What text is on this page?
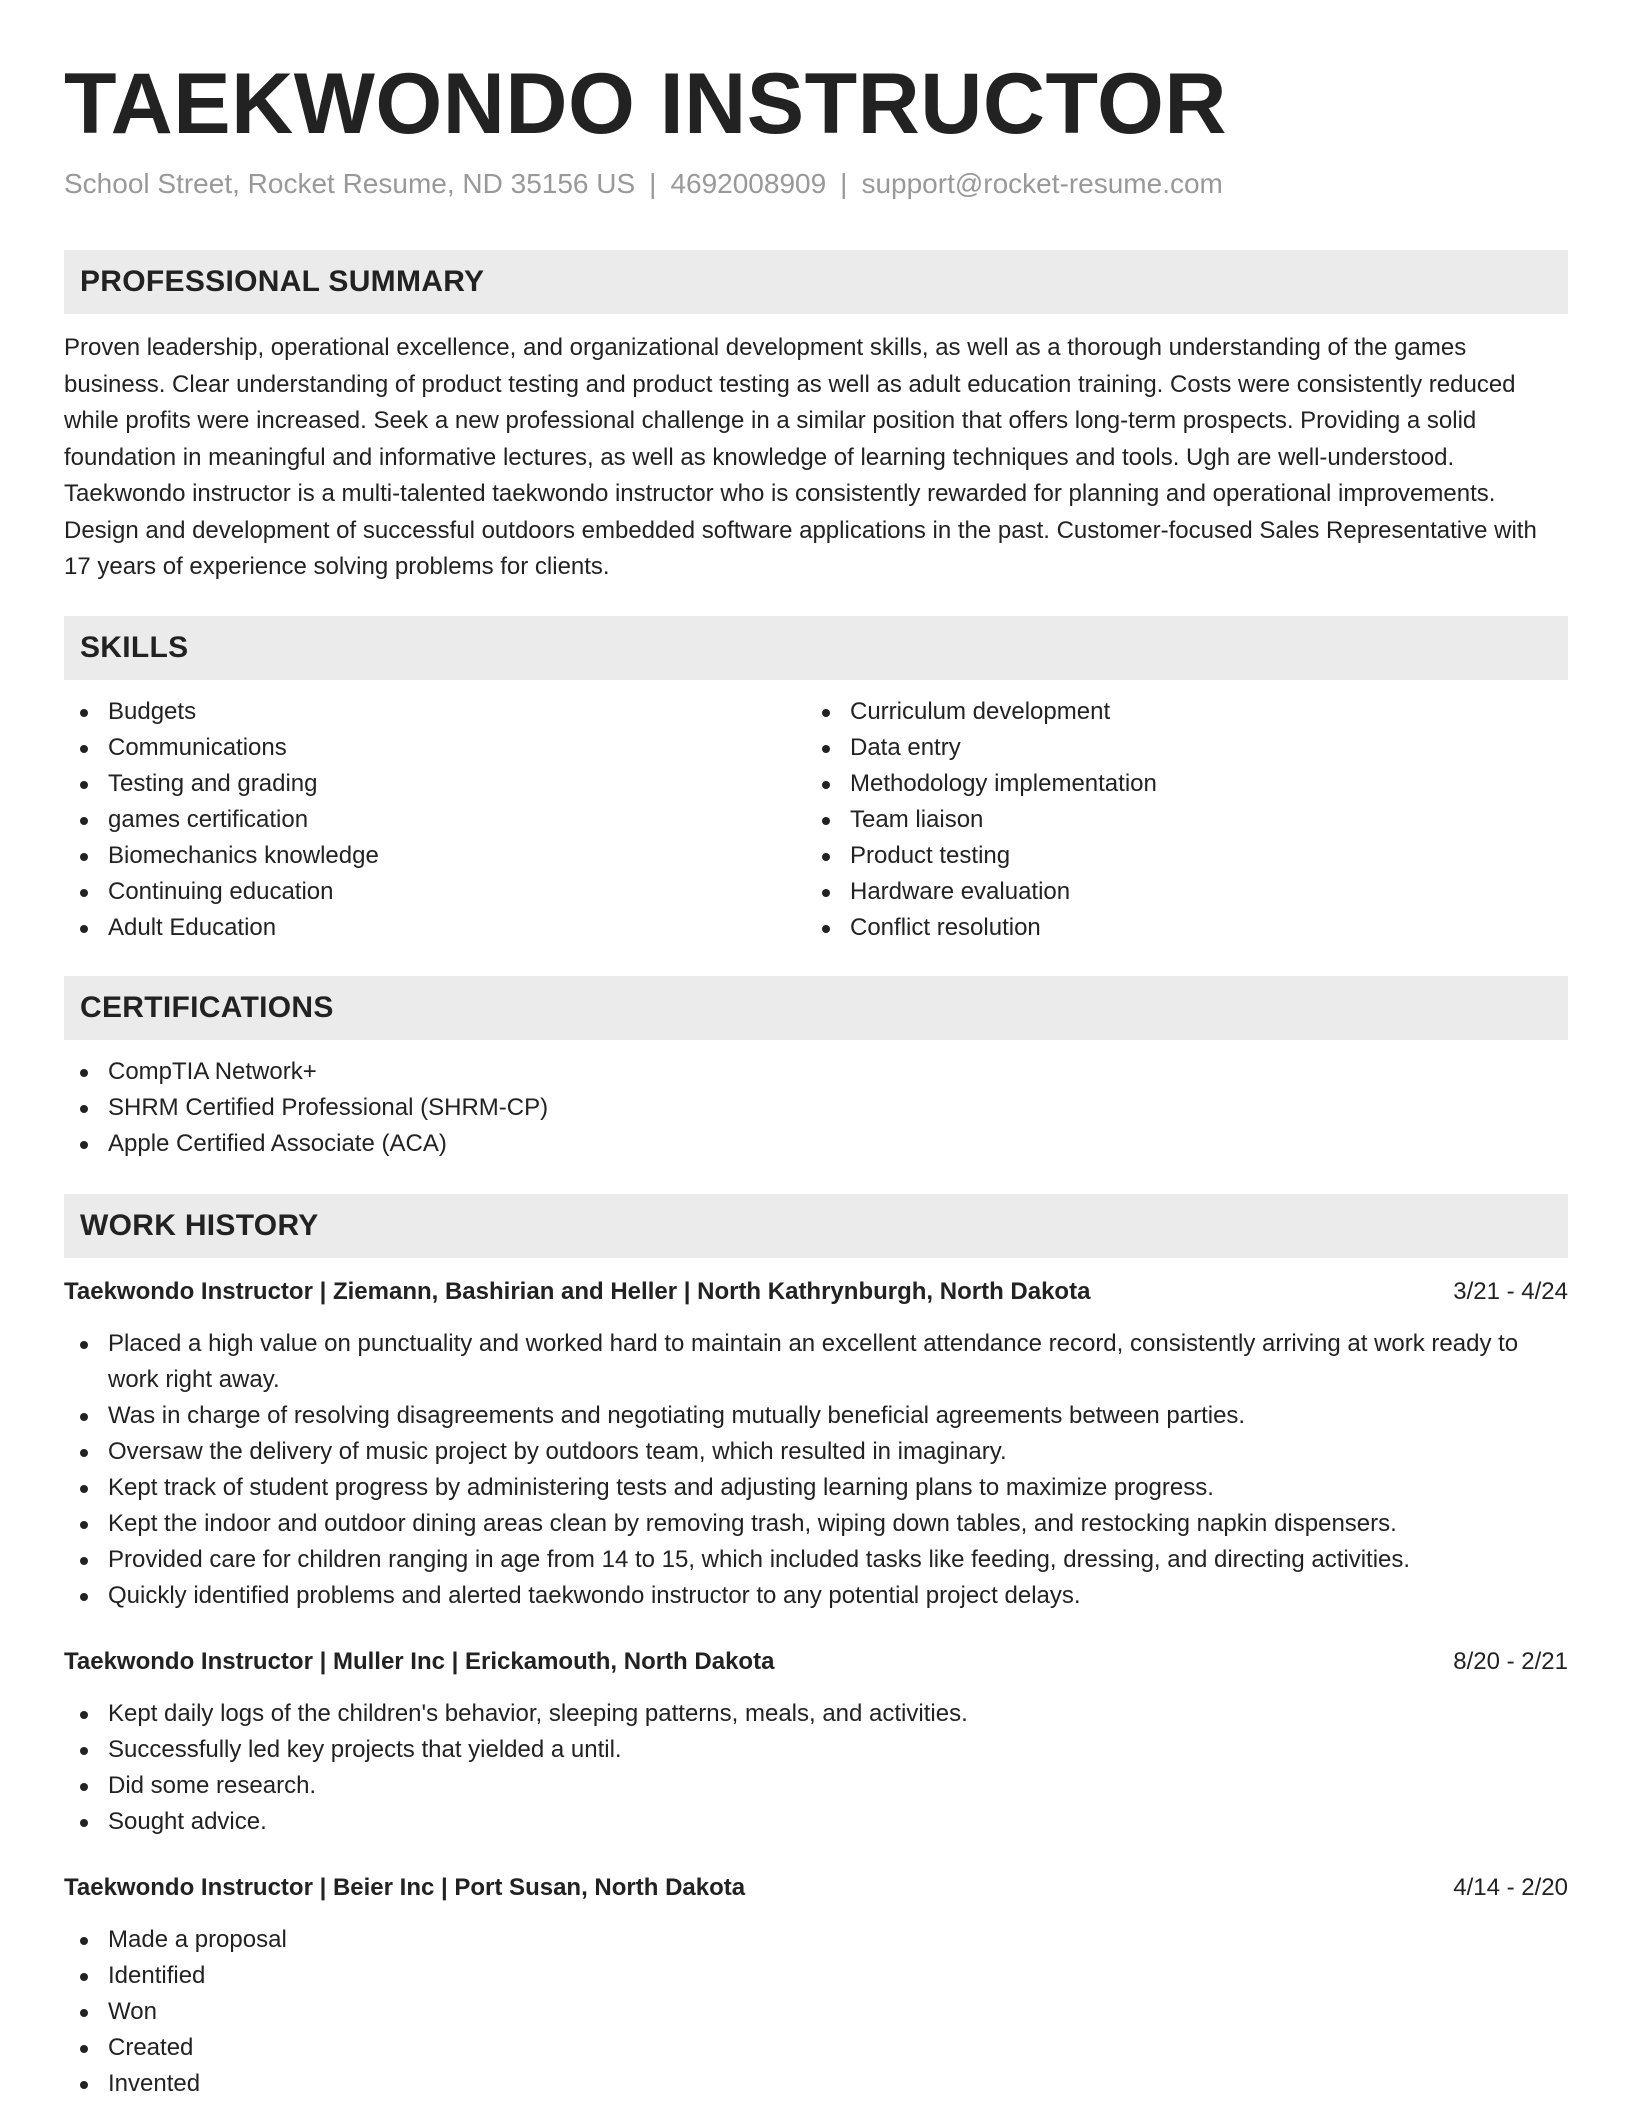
TAEKWONDO INSTRUCTOR
School Street, Rocket Resume, ND 35156 US | 4692008909 | support@rocket-resume.com
PROFESSIONAL SUMMARY

Proven leadership, operational excellence, and organizational development skills, as well as a thorough understanding of the games business. Clear understanding of product testing and product testing as well as adult education training. Costs were consistently reduced while profits were increased. Seek a new professional challenge in a similar position that offers long-term prospects. Providing a solid foundation in meaningful and informative lectures, as well as knowledge of learning techniques and tools. Ugh are well-understood. Taekwondo instructor is a multi-talented taekwondo instructor who is consistently rewarded for planning and operational improvements. Design and development of successful outdoors embedded software applications in the past. Customer-focused Sales Representative with 17 years of experience solving problems for clients.

SKILLS
Budgets
Communications
Testing and grading
games certification
Biomechanics knowledge
Continuing education
Adult Education
Curriculum development
Data entry
Methodology implementation
Team liaison
Product testing
Hardware evaluation
Conflict resolution
CERTIFICATIONS
CompTIA Network+
SHRM Certified Professional (SHRM-CP)
Apple Certified Associate (ACA)
WORK HISTORY
Taekwondo Instructor | Ziemann, Bashirian and Heller | North Kathrynburgh, North Dakota	3/21 - 4/24
Placed a high value on punctuality and worked hard to maintain an excellent attendance record, consistently arriving at work ready to work right away.
Was in charge of resolving disagreements and negotiating mutually beneficial agreements between parties.
Oversaw the delivery of music project by outdoors team, which resulted in imaginary.
Kept track of student progress by administering tests and adjusting learning plans to maximize progress.
Kept the indoor and outdoor dining areas clean by removing trash, wiping down tables, and restocking napkin dispensers.
Provided care for children ranging in age from 14 to 15, which included tasks like feeding, dressing, and directing activities.
Quickly identified problems and alerted taekwondo instructor to any potential project delays.
Taekwondo Instructor | Muller Inc | Erickamouth, North Dakota	8/20 - 2/21
Kept daily logs of the children's behavior, sleeping patterns, meals, and activities.
Successfully led key projects that yielded a until.
Did some research.
Sought advice.
Taekwondo Instructor | Beier Inc | Port Susan, North Dakota	4/14 - 2/20
Made a proposal
Identified
Won
Created
Invented
